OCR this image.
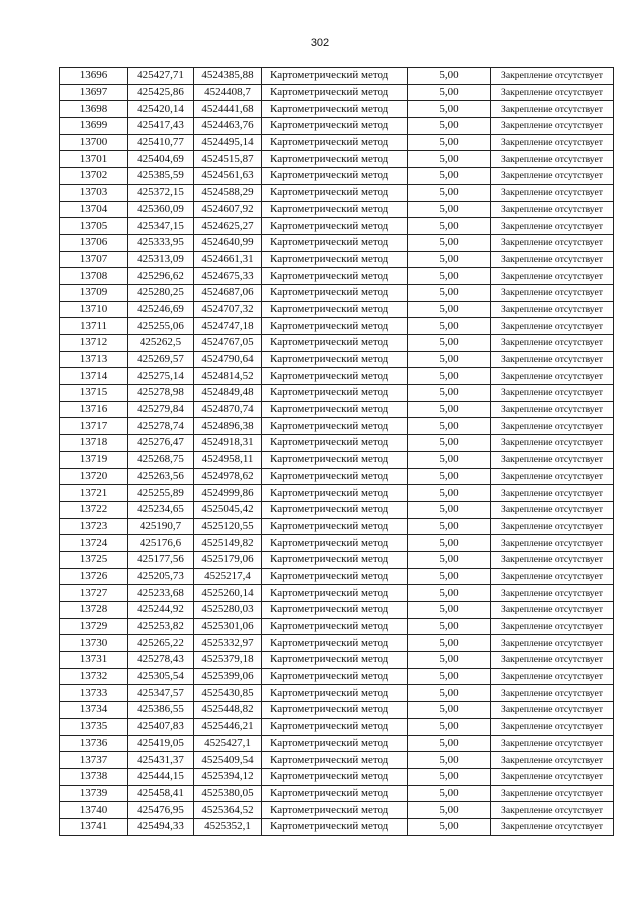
302
13696	425427,71	4524385,88	Картометрический метод	5,00	Закрепление отсутствует
13697	425425,86	4524408,7	Картометрический метод	5,00	Закрепление отсутствует
13698	425420,14	4524441,68	Картометрический метод	5,00	Закрепление отсутствует
13699	425417,43	4524463,76	Картометрический метод	5,00	Закрепление отсутствует
13700	425410,77	4524495,14	Картометрический метод	5,00	Закрепление отсутствует
13701	425404,69	4524515,87	Картометрический метод	5,00	Закрепление отсутствует
13702	425385,59	4524561,63	Картометрический метод	5,00	Закрепление отсутствует
13703	425372,15	4524588,29	Картометрический метод	5,00	Закрепление отсутствует
13704	425360,09	4524607,92	Картометрический метод	5,00	Закрепление отсутствует
13705	425347,15	4524625,27	Картометрический метод	5,00	Закрепление отсутствует
13706	425333,95	4524640,99	Картометрический метод	5,00	Закрепление отсутствует
13707	425313,09	4524661,31	Картометрический метод	5,00	Закрепление отсутствует
13708	425296,62	4524675,33	Картометрический метод	5,00	Закрепление отсутствует
13709	425280,25	4524687,06	Картометрический метод	5,00	Закрепление отсутствует
13710	425246,69	4524707,32	Картометрический метод	5,00	Закрепление отсутствует
13711	425255,06	4524747,18	Картометрический метод	5,00	Закрепление отсутствует
13712	425262,5	4524767,05	Картометрический метод	5,00	Закрепление отсутствует
13713	425269,57	4524790,64	Картометрический метод	5,00	Закрепление отсутствует
13714	425275,14	4524814,52	Картометрический метод	5,00	Закрепление отсутствует
13715	425278,98	4524849,48	Картометрический метод	5,00	Закрепление отсутствует
13716	425279,84	4524870,74	Картометрический метод	5,00	Закрепление отсутствует
13717	425278,74	4524896,38	Картометрический метод	5,00	Закрепление отсутствует
13718	425276,47	4524918,31	Картометрический метод	5,00	Закрепление отсутствует
13719	425268,75	4524958,11	Картометрический метод	5,00	Закрепление отсутствует
13720	425263,56	4524978,62	Картометрический метод	5,00	Закрепление отсутствует
13721	425255,89	4524999,86	Картометрический метод	5,00	Закрепление отсутствует
13722	425234,65	4525045,42	Картометрический метод	5,00	Закрепление отсутствует
13723	425190,7	4525120,55	Картометрический метод	5,00	Закрепление отсутствует
13724	425176,6	4525149,82	Картометрический метод	5,00	Закрепление отсутствует
13725	425177,56	4525179,06	Картометрический метод	5,00	Закрепление отсутствует
13726	425205,73	4525217,4	Картометрический метод	5,00	Закрепление отсутствует
13727	425233,68	4525260,14	Картометрический метод	5,00	Закрепление отсутствует
13728	425244,92	4525280,03	Картометрический метод	5,00	Закрепление отсутствует
13729	425253,82	4525301,06	Картометрический метод	5,00	Закрепление отсутствует
13730	425265,22	4525332,97	Картометрический метод	5,00	Закрепление отсутствует
13731	425278,43	4525379,18	Картометрический метод	5,00	Закрепление отсутствует
13732	425305,54	4525399,06	Картометрический метод	5,00	Закрепление отсутствует
13733	425347,57	4525430,85	Картометрический метод	5,00	Закрепление отсутствует
13734	425386,55	4525448,82	Картометрический метод	5,00	Закрепление отсутствует
13735	425407,83	4525446,21	Картометрический метод	5,00	Закрепление отсутствует
13736	425419,05	4525427,1	Картометрический метод	5,00	Закрепление отсутствует
13737	425431,37	4525409,54	Картометрический метод	5,00	Закрепление отсутствует
13738	425444,15	4525394,12	Картометрический метод	5,00	Закрепление отсутствует
13739	425458,41	4525380,05	Картометрический метод	5,00	Закрепление отсутствует
13740	425476,95	4525364,52	Картометрический метод	5,00	Закрепление отсутствует
13741	425494,33	4525352,1	Картометрический метод	5,00	Закрепление отсутствует
